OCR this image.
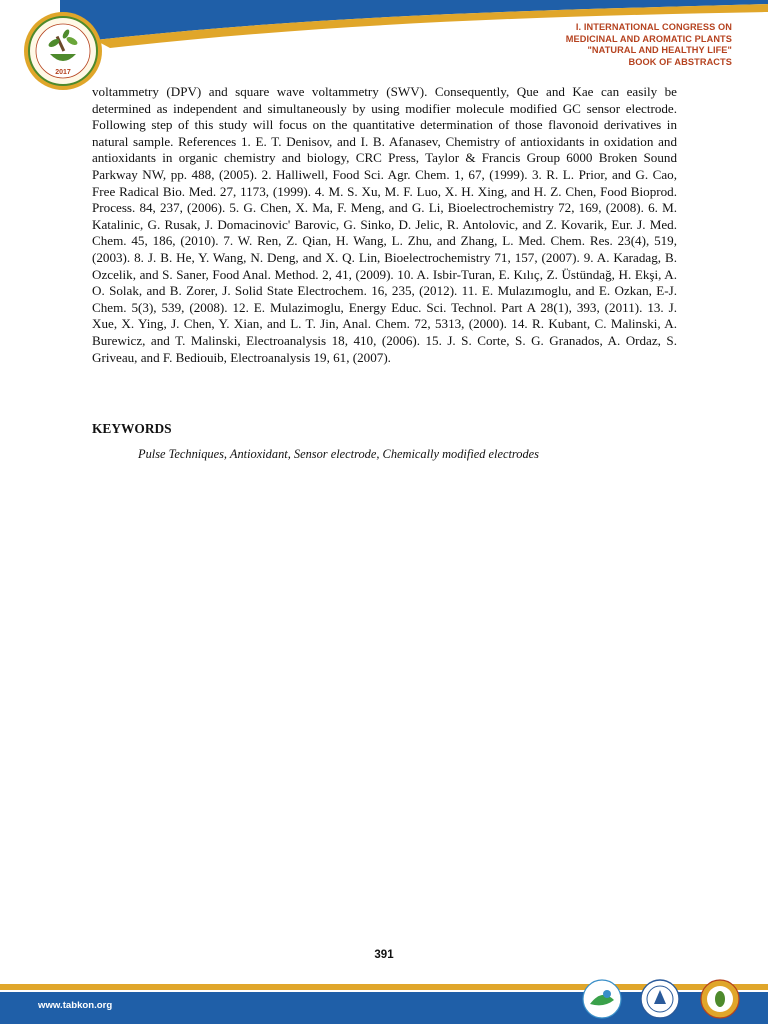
2017
I. INTERNATIONAL CONGRESS ON
MEDICINAL AND AROMATIC PLANTS
"NATURAL AND HEALTHY LIFE"
BOOK OF ABSTRACTS

voltammetry (DPV) and square wave voltammetry (SWV). Consequently, Que and Kae can easily be determined as independent and simultaneously by using modifier molecule modified GC sensor electrode. Following step of this study will focus on the quantitative determination of those flavonoid derivatives in natural sample. References 1. E. T. Denisov, and I. B. Afanasev, Chemistry of antioxidants in oxidation and antioxidants in organic chemistry and biology, CRC Press, Taylor & Francis Group 6000 Broken Sound Parkway NW, pp. 488, (2005). 2. Halliwell, Food Sci. Agr. Chem. 1, 67, (1999). 3. R. L. Prior, and G. Cao, Free Radical Bio. Med. 27, 1173, (1999). 4. M. S. Xu, M. F. Luo, X. H. Xing, and H. Z. Chen, Food Bioprod. Process. 84, 237, (2006). 5. G. Chen, X. Ma, F. Meng, and G. Li, Bioelectrochemistry 72, 169, (2008). 6. M. Katalinic, G. Rusak, J. Domacinovic' Barovic, G. Sinko, D. Jelic, R. Antolovic, and Z. Kovarik, Eur. J. Med. Chem. 45, 186, (2010). 7. W. Ren, Z. Qian, H. Wang, L. Zhu, and Zhang, L. Med. Chem. Res. 23(4), 519, (2003). 8. J. B. He, Y. Wang, N. Deng, and X. Q. Lin, Bioelectrochemistry 71, 157, (2007). 9. A. Karadag, B. Ozcelik, and S. Saner, Food Anal. Method. 2, 41, (2009). 10. A. Isbir-Turan, E. Kılıç, Z. Üstündağ, H. Ekşi, A. O. Solak, and B. Zorer, J. Solid State Electrochem. 16, 235, (2012). 11. E. Mulazımoglu, and E. Ozkan, E-J. Chem. 5(3), 539, (2008). 12. E. Mulazimoglu, Energy Educ. Sci. Technol. Part A 28(1), 393, (2011). 13. J. Xue, X. Ying, J. Chen, Y. Xian, and L. T. Jin, Anal. Chem. 72, 5313, (2000). 14. R. Kubant, C. Malinski, A. Burewicz, and T. Malinski, Electroanalysis 18, 410, (2006). 15. J. S. Corte, S. G. Granados, A. Ordaz, S. Griveau, and F. Bediouib, Electroanalysis 19, 61, (2007).

KEYWORDS

Pulse Techniques, Antioxidant, Sensor electrode, Chemically modified electrodes

391
www.tabkon.org
